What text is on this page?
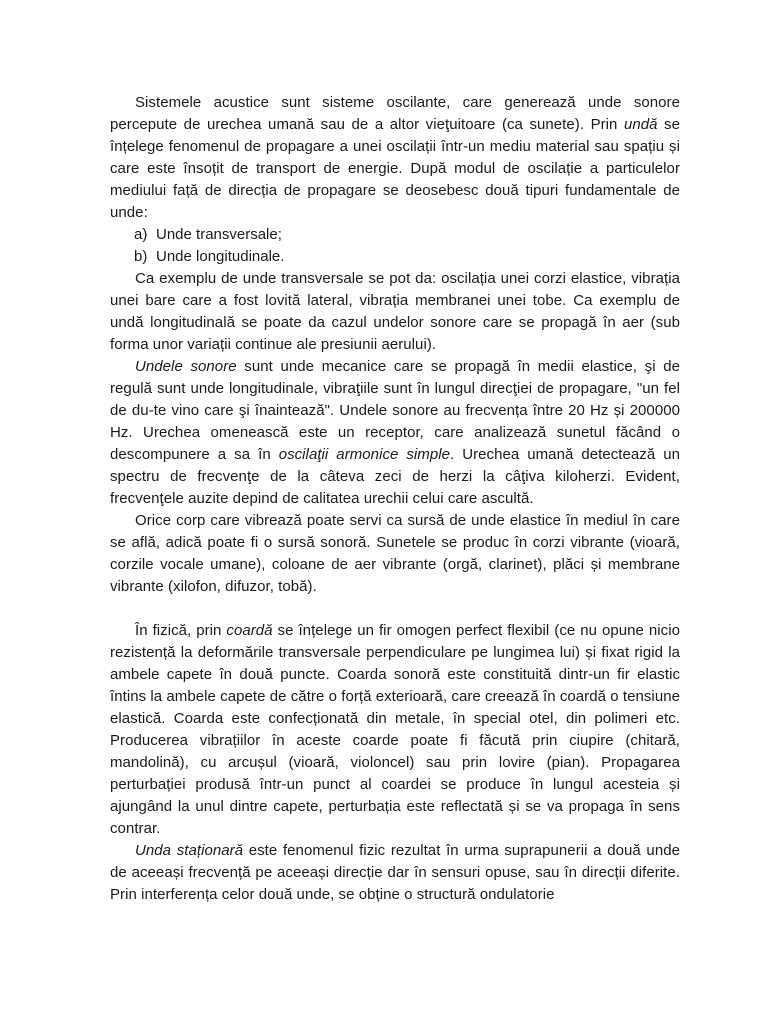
Sistemele acustice sunt sisteme oscilante, care generează unde sonore percepute de urechea umană sau de a altor vieţuitoare (ca sunete). Prin undă se înțelege fenomenul de propagare a unei oscilații într-un mediu material sau spațiu și care este însoțit de transport de energie. După modul de oscilație a particulelor mediului față de direcția de propagare se deosebesc două tipuri fundamentale de unde:

a) Unde transversale;

b) Unde longitudinale.

Ca exemplu de unde transversale se pot da: oscilația unei corzi elastice, vibrația unei bare care a fost lovită lateral, vibrația membranei unei tobe. Ca exemplu de undă longitudinală se poate da cazul undelor sonore care se propagă în aer (sub forma unor variații continue ale presiunii aerului).

Undele sonore sunt unde mecanice care se propagă în medii elastice, şi de regulă sunt unde longitudinale, vibraţiile sunt în lungul direcţiei de propagare, "un fel de du-te vino care şi înaintează". Undele sonore au frecvența între 20 Hz și 200000 Hz. Urechea omenească este un receptor, care analizează sunetul făcând o descompunere a sa în oscilaţii armonice simple. Urechea umană detectează un spectru de frecvenţe de la câteva zeci de herzi la câţiva kiloherzi. Evident, frecvenţele auzite depind de calitatea urechii celui care ascultă.

Orice corp care vibrează poate servi ca sursă de unde elastice în mediul în care se află, adică poate fi o sursă sonoră. Sunetele se produc în corzi vibrante (vioară, corzile vocale umane), coloane de aer vibrante (orgă, clarinet), plăci și membrane vibrante (xilofon, difuzor, tobă).

În fizică, prin coardă se înțelege un fir omogen perfect flexibil (ce nu opune nicio rezistență la deformările transversale perpendiculare pe lungimea lui) și fixat rigid la ambele capete în două puncte. Coarda sonoră este constituită dintr-un fir elastic întins la ambele capete de către o forță exterioară, care creează în coardă o tensiune elastică. Coarda este confecționată din metale, în special otel, din polimeri etc. Producerea vibrațiilor în aceste coarde poate fi făcută prin ciupire (chitară, mandolină), cu arcușul (vioară, violoncel) sau prin lovire (pian). Propagarea perturbației produsă într-un punct al coardei se produce în lungul acesteia și ajungând la unul dintre capete, perturbația este reflectată și se va propaga în sens contrar.

Unda staționară este fenomenul fizic rezultat în urma suprapunerii a două unde de aceeași frecvență pe aceeași direcție dar în sensuri opuse, sau în direcții diferite. Prin interferența celor două unde, se obține o structură ondulatorie
